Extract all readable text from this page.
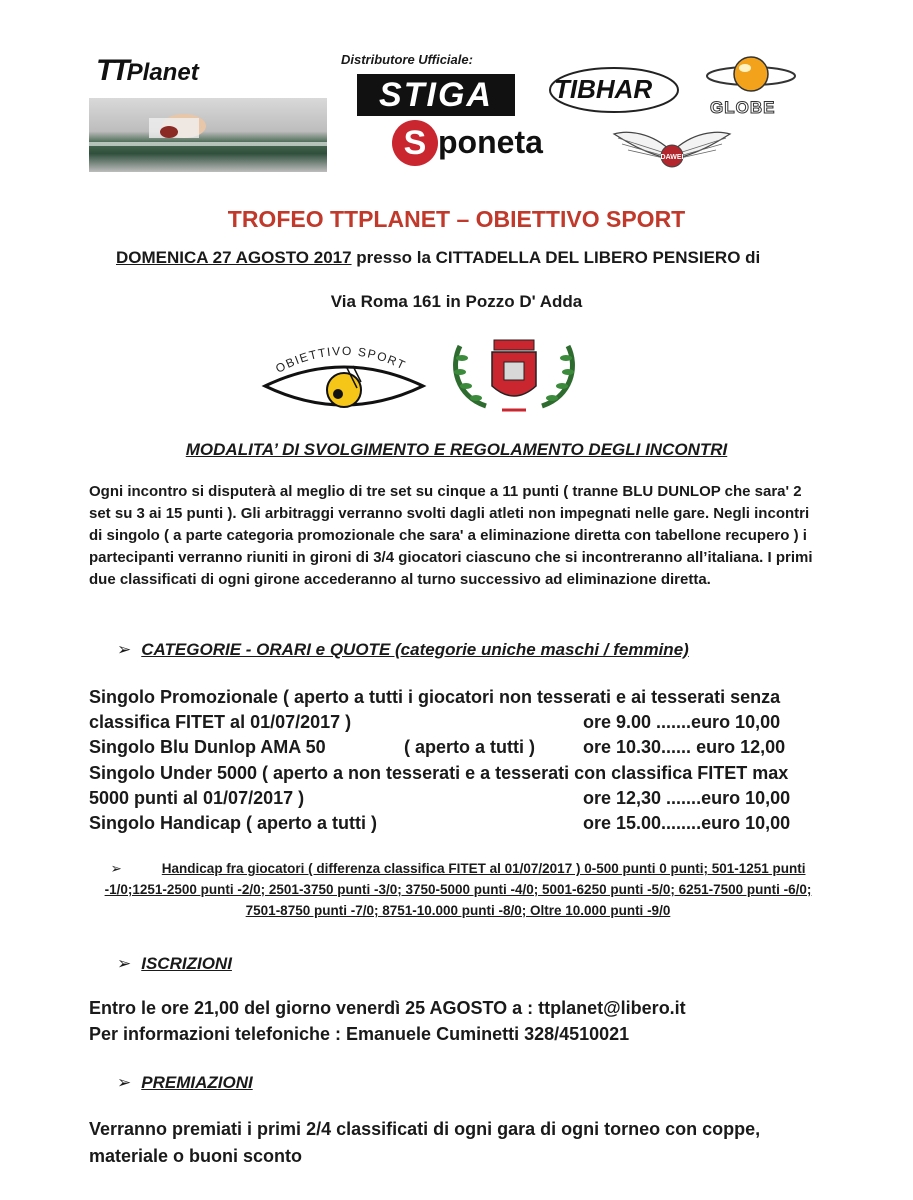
TTPlanet	Distributore Ufficiale:
STIGA	TIBHAR
GLOBE
S poneta	DAWEI
TROFEO TTPLANET – OBIETTIVO SPORT
DOMENICA 27 AGOSTO 2017 presso la CITTADELLA DEL LIBERO PENSIERO di
Via Roma 161 in Pozzo D' Adda
OBIETTIVO SPORT
MODALITA’ DI SVOLGIMENTO E REGOLAMENTO DEGLI INCONTRI
Ogni incontro si disputerà al meglio di tre set su cinque a 11 punti ( tranne BLU DUNLOP che sara' 2 set su 3 ai 15 punti ). Gli arbitraggi verranno svolti dagli atleti non impegnati nelle gare. Negli incontri di singolo ( a parte categoria promozionale che sara' a eliminazione diretta con tabellone recupero ) i partecipanti verranno riuniti in gironi di 3/4 giocatori ciascuno che si incontreranno all’italiana. I primi due classificati di ogni girone accederanno al turno successivo ad eliminazione diretta.
➢ CATEGORIE - ORARI e QUOTE (categorie uniche maschi / femmine)
Singolo Promozionale ( aperto a tutti i giocatori non tesserati e ai tesserati senza
classifica FITET al 01/07/2017 )	ore 9.00 .......euro 10,00
Singolo Blu Dunlop AMA 50	( aperto a tutti )	ore 10.30...... euro 12,00
Singolo Under 5000 ( aperto a non tesserati e a tesserati con classifica FITET max
5000 punti al 01/07/2017 )	ore 12,30 .......euro 10,00
Singolo Handicap ( aperto a tutti )	ore 15.00........euro 10,00
➢	Handicap fra giocatori ( differenza classifica FITET al 01/07/2017 ) 0-500 punti 0 punti; 501-1251 punti -1/0;1251-2500 punti -2/0; 2501-3750 punti -3/0; 3750-5000 punti -4/0; 5001-6250 punti -5/0; 6251-7500 punti -6/0; 7501-8750 punti -7/0; 8751-10.000 punti -8/0; Oltre 10.000 punti -9/0
➢ ISCRIZIONI
Entro le ore 21,00 del giorno venerdì 25 AGOSTO a : ttplanet@libero.it
Per informazioni telefoniche : Emanuele Cuminetti 328/4510021
➢ PREMIAZIONI
Verranno premiati i primi 2/4 classificati di ogni gara di ogni torneo con coppe, materiale o buoni sconto
